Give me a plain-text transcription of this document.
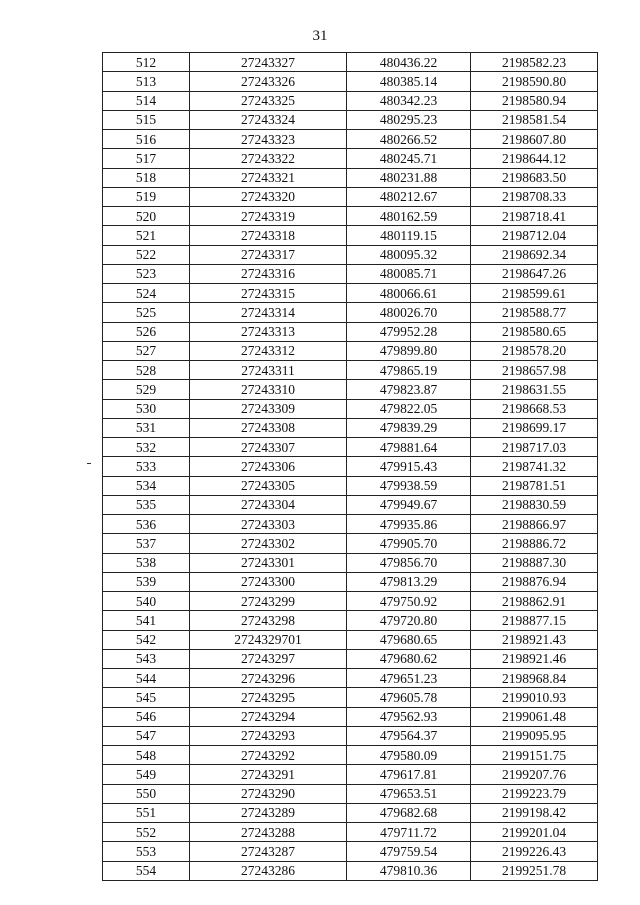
31
512	27243327	480436.22	2198582.23
513	27243326	480385.14	2198590.80
514	27243325	480342.23	2198580.94
515	27243324	480295.23	2198581.54
516	27243323	480266.52	2198607.80
517	27243322	480245.71	2198644.12
518	27243321	480231.88	2198683.50
519	27243320	480212.67	2198708.33
520	27243319	480162.59	2198718.41
521	27243318	480119.15	2198712.04
522	27243317	480095.32	2198692.34
523	27243316	480085.71	2198647.26
524	27243315	480066.61	2198599.61
525	27243314	480026.70	2198588.77
526	27243313	479952.28	2198580.65
527	27243312	479899.80	2198578.20
528	27243311	479865.19	2198657.98
529	27243310	479823.87	2198631.55
530	27243309	479822.05	2198668.53
531	27243308	479839.29	2198699.17
532	27243307	479881.64	2198717.03
533	27243306	479915.43	2198741.32
534	27243305	479938.59	2198781.51
535	27243304	479949.67	2198830.59
536	27243303	479935.86	2198866.97
537	27243302	479905.70	2198886.72
538	27243301	479856.70	2198887.30
539	27243300	479813.29	2198876.94
540	27243299	479750.92	2198862.91
541	27243298	479720.80	2198877.15
542	2724329701	479680.65	2198921.43
543	27243297	479680.62	2198921.46
544	27243296	479651.23	2198968.84
545	27243295	479605.78	2199010.93
546	27243294	479562.93	2199061.48
547	27243293	479564.37	2199095.95
548	27243292	479580.09	2199151.75
549	27243291	479617.81	2199207.76
550	27243290	479653.51	2199223.79
551	27243289	479682.68	2199198.42
552	27243288	479711.72	2199201.04
553	27243287	479759.54	2199226.43
554	27243286	479810.36	2199251.78
